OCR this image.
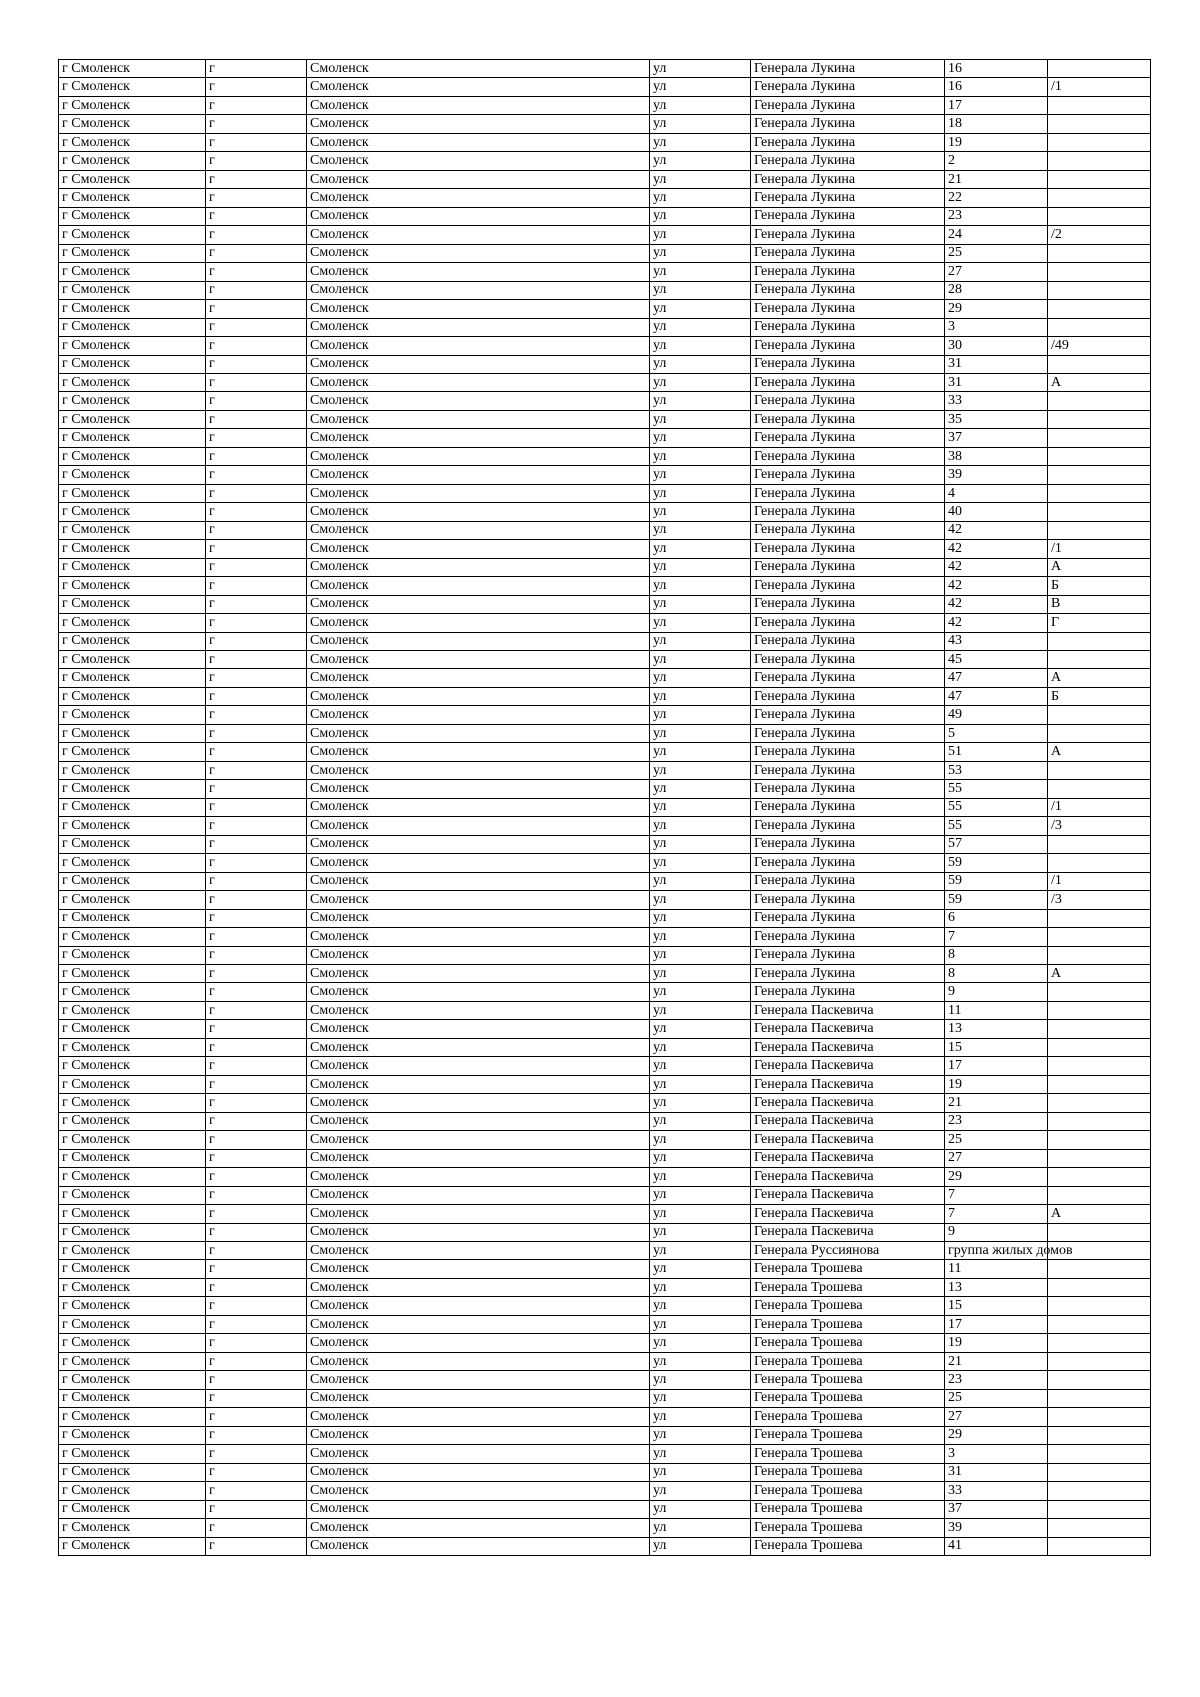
г Смоленск	г	Смоленск	ул	Генерала Лукина	16	
г Смоленск	г	Смоленск	ул	Генерала Лукина	16	/1
г Смоленск	г	Смоленск	ул	Генерала Лукина	17	
г Смоленск	г	Смоленск	ул	Генерала Лукина	18	
г Смоленск	г	Смоленск	ул	Генерала Лукина	19	
г Смоленск	г	Смоленск	ул	Генерала Лукина	2	
г Смоленск	г	Смоленск	ул	Генерала Лукина	21	
г Смоленск	г	Смоленск	ул	Генерала Лукина	22	
г Смоленск	г	Смоленск	ул	Генерала Лукина	23	
г Смоленск	г	Смоленск	ул	Генерала Лукина	24	/2
г Смоленск	г	Смоленск	ул	Генерала Лукина	25	
г Смоленск	г	Смоленск	ул	Генерала Лукина	27	
г Смоленск	г	Смоленск	ул	Генерала Лукина	28	
г Смоленск	г	Смоленск	ул	Генерала Лукина	29	
г Смоленск	г	Смоленск	ул	Генерала Лукина	3	
г Смоленск	г	Смоленск	ул	Генерала Лукина	30	/49
г Смоленск	г	Смоленск	ул	Генерала Лукина	31	
г Смоленск	г	Смоленск	ул	Генерала Лукина	31	А
г Смоленск	г	Смоленск	ул	Генерала Лукина	33	
г Смоленск	г	Смоленск	ул	Генерала Лукина	35	
г Смоленск	г	Смоленск	ул	Генерала Лукина	37	
г Смоленск	г	Смоленск	ул	Генерала Лукина	38	
г Смоленск	г	Смоленск	ул	Генерала Лукина	39	
г Смоленск	г	Смоленск	ул	Генерала Лукина	4	
г Смоленск	г	Смоленск	ул	Генерала Лукина	40	
г Смоленск	г	Смоленск	ул	Генерала Лукина	42	
г Смоленск	г	Смоленск	ул	Генерала Лукина	42	/1
г Смоленск	г	Смоленск	ул	Генерала Лукина	42	А
г Смоленск	г	Смоленск	ул	Генерала Лукина	42	Б
г Смоленск	г	Смоленск	ул	Генерала Лукина	42	В
г Смоленск	г	Смоленск	ул	Генерала Лукина	42	Г
г Смоленск	г	Смоленск	ул	Генерала Лукина	43	
г Смоленск	г	Смоленск	ул	Генерала Лукина	45	
г Смоленск	г	Смоленск	ул	Генерала Лукина	47	А
г Смоленск	г	Смоленск	ул	Генерала Лукина	47	Б
г Смоленск	г	Смоленск	ул	Генерала Лукина	49	
г Смоленск	г	Смоленск	ул	Генерала Лукина	5	
г Смоленск	г	Смоленск	ул	Генерала Лукина	51	А
г Смоленск	г	Смоленск	ул	Генерала Лукина	53	
г Смоленск	г	Смоленск	ул	Генерала Лукина	55	
г Смоленск	г	Смоленск	ул	Генерала Лукина	55	/1
г Смоленск	г	Смоленск	ул	Генерала Лукина	55	/3
г Смоленск	г	Смоленск	ул	Генерала Лукина	57	
г Смоленск	г	Смоленск	ул	Генерала Лукина	59	
г Смоленск	г	Смоленск	ул	Генерала Лукина	59	/1
г Смоленск	г	Смоленск	ул	Генерала Лукина	59	/3
г Смоленск	г	Смоленск	ул	Генерала Лукина	6	
г Смоленск	г	Смоленск	ул	Генерала Лукина	7	
г Смоленск	г	Смоленск	ул	Генерала Лукина	8	
г Смоленск	г	Смоленск	ул	Генерала Лукина	8	А
г Смоленск	г	Смоленск	ул	Генерала Лукина	9	
г Смоленск	г	Смоленск	ул	Генерала Паскевича	11	
г Смоленск	г	Смоленск	ул	Генерала Паскевича	13	
г Смоленск	г	Смоленск	ул	Генерала Паскевича	15	
г Смоленск	г	Смоленск	ул	Генерала Паскевича	17	
г Смоленск	г	Смоленск	ул	Генерала Паскевича	19	
г Смоленск	г	Смоленск	ул	Генерала Паскевича	21	
г Смоленск	г	Смоленск	ул	Генерала Паскевича	23	
г Смоленск	г	Смоленск	ул	Генерала Паскевича	25	
г Смоленск	г	Смоленск	ул	Генерала Паскевича	27	
г Смоленск	г	Смоленск	ул	Генерала Паскевича	29	
г Смоленск	г	Смоленск	ул	Генерала Паскевича	7	
г Смоленск	г	Смоленск	ул	Генерала Паскевича	7	А
г Смоленск	г	Смоленск	ул	Генерала Паскевича	9	
г Смоленск	г	Смоленск	ул	Генерала Руссиянова	группа жилых домов	
г Смоленск	г	Смоленск	ул	Генерала Трошева	11	
г Смоленск	г	Смоленск	ул	Генерала Трошева	13	
г Смоленск	г	Смоленск	ул	Генерала Трошева	15	
г Смоленск	г	Смоленск	ул	Генерала Трошева	17	
г Смоленск	г	Смоленск	ул	Генерала Трошева	19	
г Смоленск	г	Смоленск	ул	Генерала Трошева	21	
г Смоленск	г	Смоленск	ул	Генерала Трошева	23	
г Смоленск	г	Смоленск	ул	Генерала Трошева	25	
г Смоленск	г	Смоленск	ул	Генерала Трошева	27	
г Смоленск	г	Смоленск	ул	Генерала Трошева	29	
г Смоленск	г	Смоленск	ул	Генерала Трошева	3	
г Смоленск	г	Смоленск	ул	Генерала Трошева	31	
г Смоленск	г	Смоленск	ул	Генерала Трошева	33	
г Смоленск	г	Смоленск	ул	Генерала Трошева	37	
г Смоленск	г	Смоленск	ул	Генерала Трошева	39	
г Смоленск	г	Смоленск	ул	Генерала Трошева	41	
